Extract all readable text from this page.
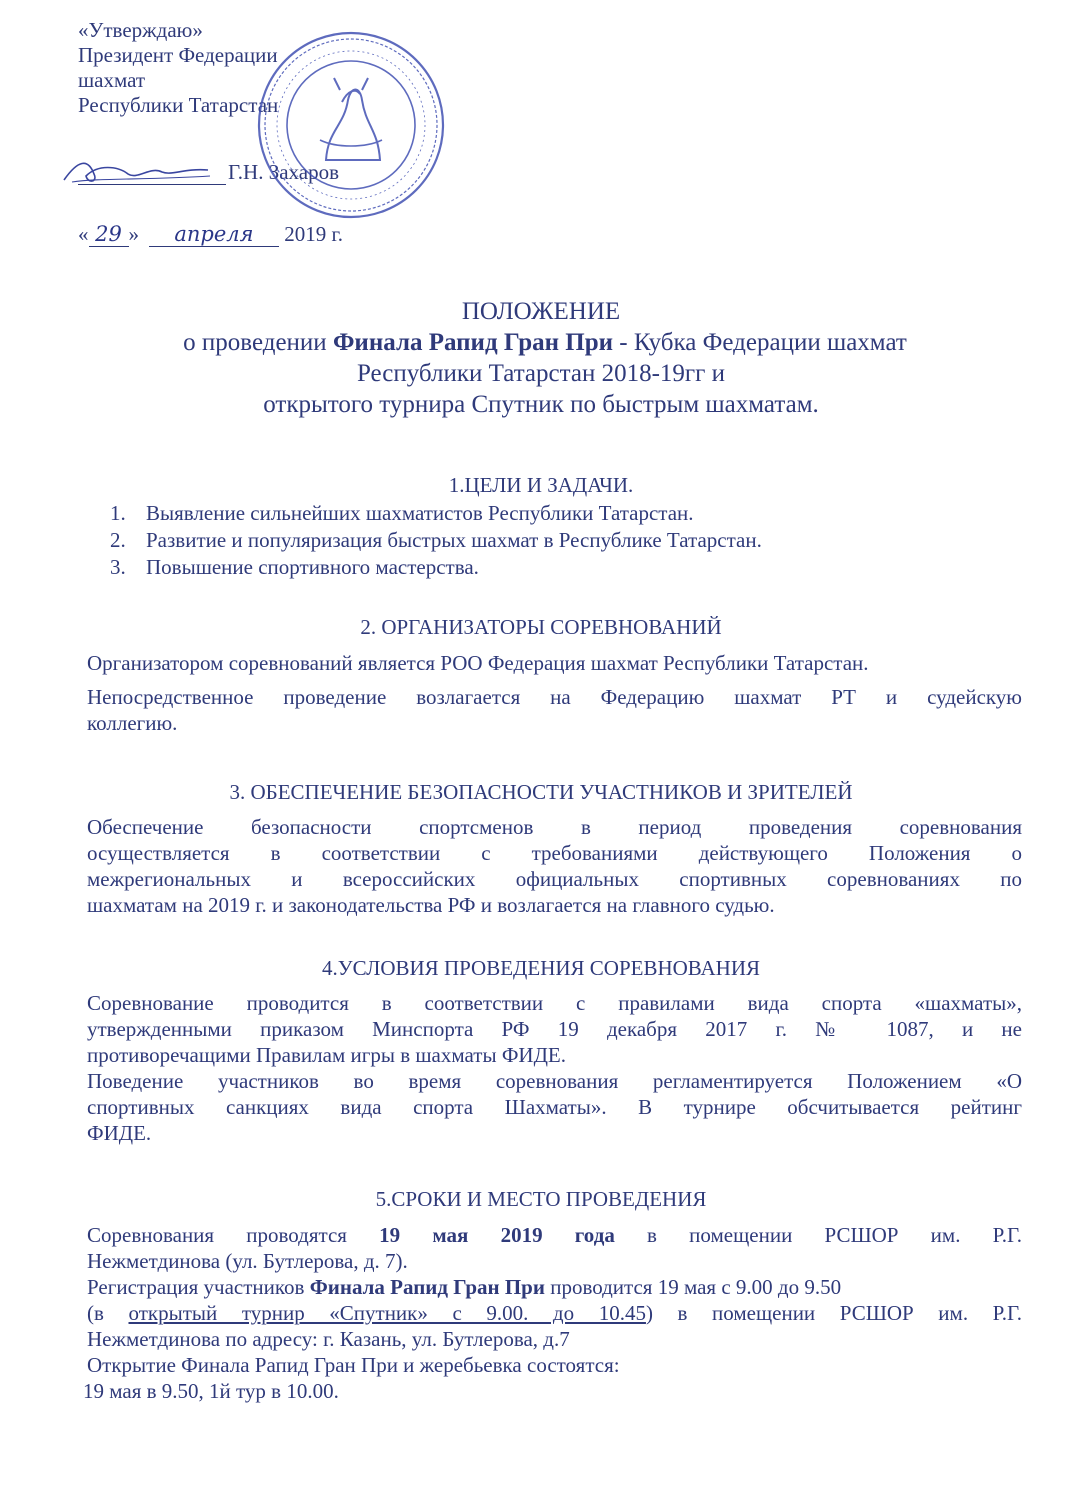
«Утверждаю»
Президент Федерации
шахмат
Республики Татарстан
Г.Н. Захаров
« 29 » апреля 2019 г.
ПОЛОЖЕНИЕ
о проведении Финала Рапид Гран При - Кубка Федерации шахмат
Республики Татарстан 2018-19гг и
открытого турнира Спутник по быстрым шахматам.
1.ЦЕЛИ И ЗАДАЧИ.
1. Выявление сильнейших шахматистов Республики Татарстан.
2. Развитие и популяризация быстрых шахмат в Республике Татарстан.
3. Повышение спортивного мастерства.
2. ОРГАНИЗАТОРЫ СОРЕВНОВАНИЙ
Организатором соревнований является РОО Федерация шахмат Республики Татарстан.
Непосредственное проведение возлагается на Федерацию шахмат РТ и судейскую
коллегию.
3. ОБЕСПЕЧЕНИЕ БЕЗОПАСНОСТИ УЧАСТНИКОВ И ЗРИТЕЛЕЙ
Обеспечение безопасности спортсменов в период проведения соревнования
осуществляется в соответствии с требованиями действующего Положения о
межрегиональных и всероссийских официальных спортивных соревнованиях по
шахматам на 2019 г. и законодательства РФ и возлагается на главного судью.
4.УСЛОВИЯ ПРОВЕДЕНИЯ СОРЕВНОВАНИЯ
Соревнование проводится в соответствии с правилами вида спорта «шахматы»,
утвержденными приказом Минспорта РФ 19 декабря 2017 г. № 1087, и не
противоречащими Правилам игры в шахматы ФИДЕ.
Поведение участников во время соревнования регламентируется Положением «О
спортивных санкциях вида спорта Шахматы». В турнире обсчитывается рейтинг
ФИДЕ.
5.СРОКИ И МЕСТО ПРОВЕДЕНИЯ
Соревнования проводятся 19 мая 2019 года в помещении РСШОР им. Р.Г.
Нежметдинова (ул. Бутлерова, д. 7).
Регистрация участников Финала Рапид Гран При проводится 19 мая с 9.00 до 9.50
(в открытый турнир «Спутник» с 9.00. до 10.45) в помещении РСШОР им. Р.Г.
Нежметдинова по адресу: г. Казань, ул. Бутлерова, д.7
Открытие Финала Рапид Гран При и жеребьевка состоятся:
19 мая в 9.50, 1й тур в 10.00.
